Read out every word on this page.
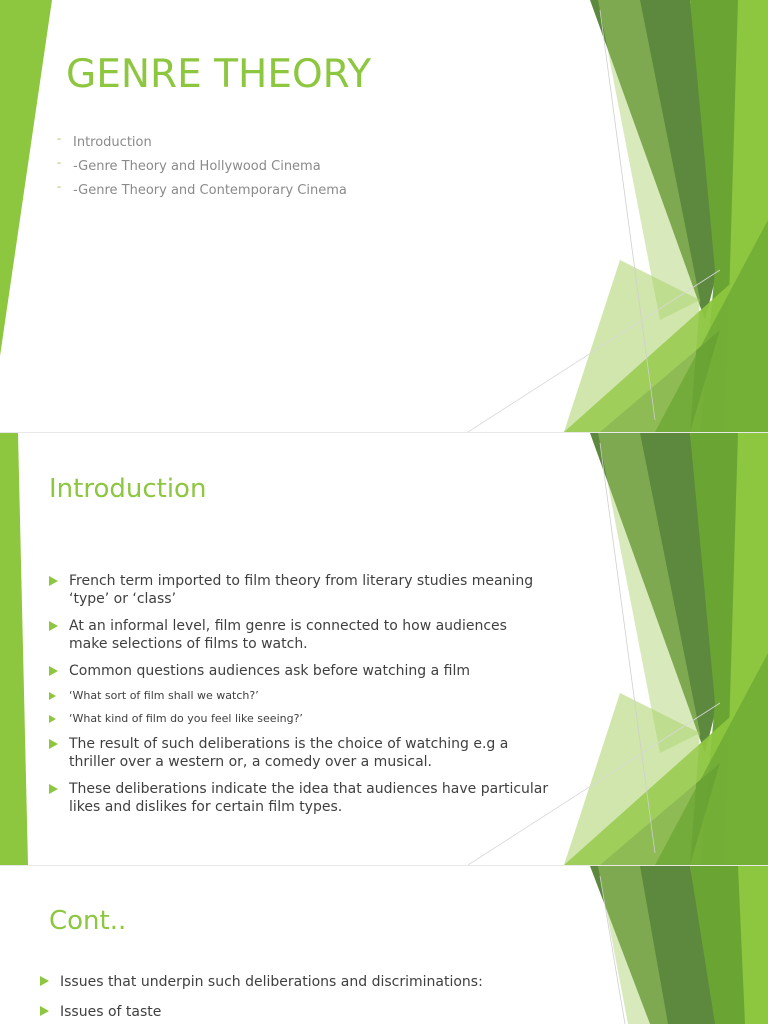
GENRE THEORY
- Introduction
- -Genre Theory and Hollywood Cinema
- -Genre Theory and Contemporary Cinema
Introduction
French term imported to film theory from literary studies meaning ‘type’ or ‘class’
At an informal level, film genre is connected to how audiences make selections of films to watch.
Common questions audiences ask before watching a film
‘What sort of film shall we watch?’
‘What kind of film do you feel like seeing?’
The result of such deliberations is the choice of watching e.g a thriller over a western or, a comedy over a musical.
These deliberations indicate the idea that audiences have particular likes and dislikes for certain film types.
Cont..
Issues that underpin such deliberations and discriminations:
Issues of taste
